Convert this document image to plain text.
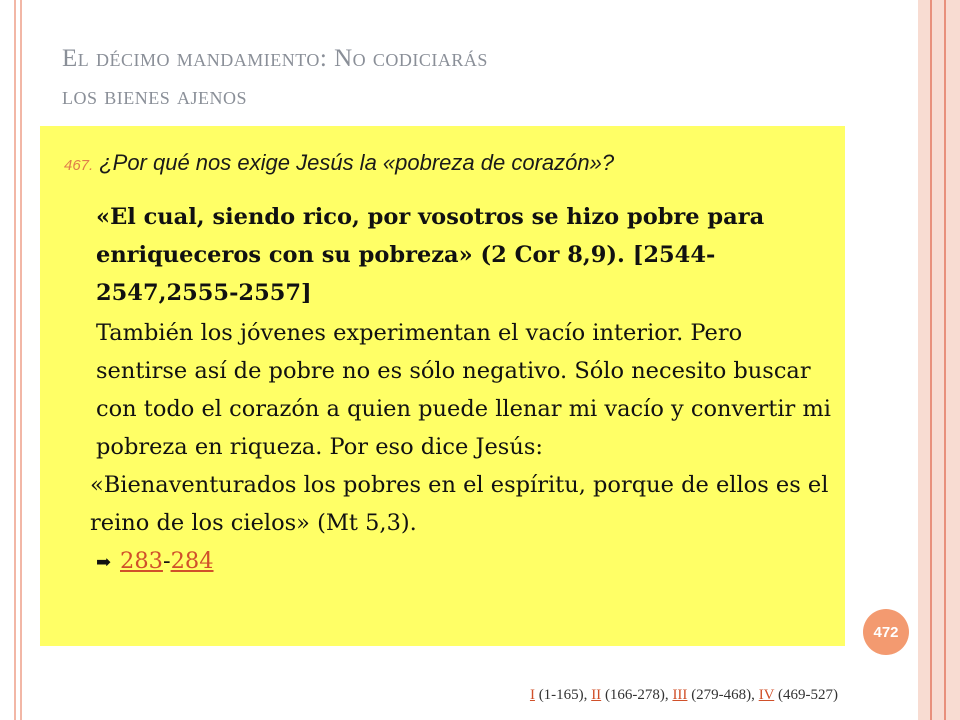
El décimo mandamiento: No codiciarás
los bienes ajenos
467. ¿Por qué nos exige Jesús la «pobreza de corazón»?
«El cual, siendo rico, por vosotros se hizo pobre para enriqueceros con su pobreza» (2 Cor 8,9). [2544-2547,2555-2557]
También los jóvenes experimentan el vacío interior. Pero sentirse así de pobre no es sólo negativo. Sólo necesito buscar con todo el corazón a quien puede llenar mi vacío y convertir mi pobreza en riqueza. Por eso dice Jesús:
«Bienaventurados los pobres en el espíritu, porque de ellos es el reino de los cielos» (Mt 5,3).
➡ 283-284
472
I (1-165), II (166-278), III (279-468), IV (469-527)
